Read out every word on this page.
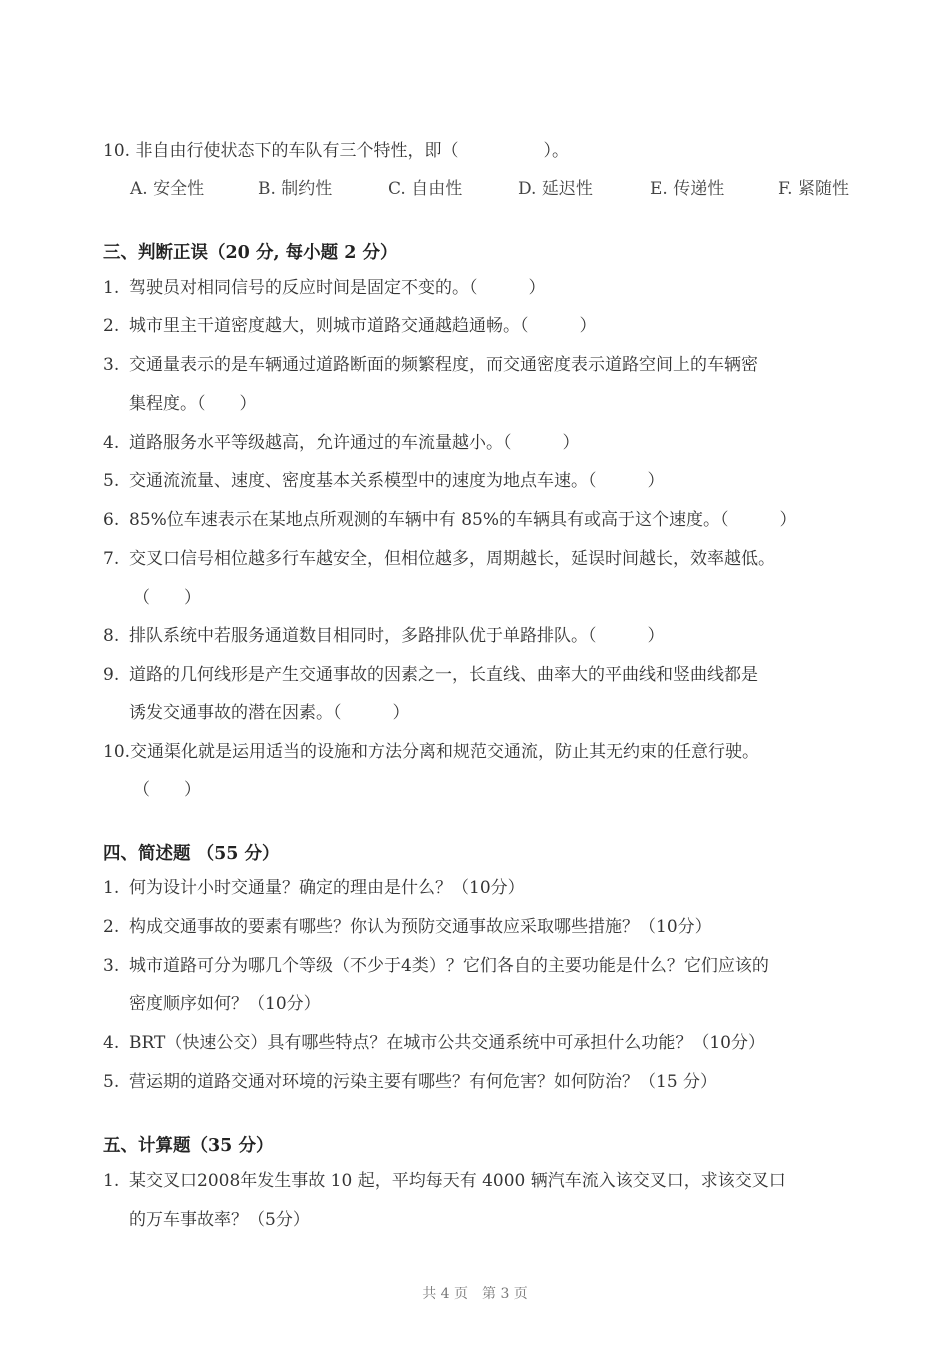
10. 非自由行使状态下的车队有三个特性，即（　　　　　）。
A. 安全性	B. 制约性	C. 自由性	D. 延迟性	E. 传递性	F. 紧随性
三、判断正误（20 分, 每小题 2 分）
1. 驾驶员对相同信号的反应时间是固定不变的。（　　　）
2. 城市里主干道密度越大，则城市道路交通越趋通畅。（　　　）
3. 交通量表示的是车辆通过道路断面的频繁程度，而交通密度表示道路空间上的车辆密
集程度。（　　）
4. 道路服务水平等级越高，允许通过的车流量越小。（　　　）
5. 交通流流量、速度、密度基本关系模型中的速度为地点车速。（　　　）
6. 85%位车速表示在某地点所观测的车辆中有 85%的车辆具有或高于这个速度。（　　　）
7. 交叉口信号相位越多行车越安全，但相位越多，周期越长，延误时间越长，效率越低。
（　　）
8. 排队系统中若服务通道数目相同时，多路排队优于单路排队。（　　　）
9. 道路的几何线形是产生交通事故的因素之一，长直线、曲率大的平曲线和竖曲线都是
诱发交通事故的潜在因素。（　　　）
10.交通渠化就是运用适当的设施和方法分离和规范交通流，防止其无约束的任意行驶。
（　　）
四、简述题 （55 分）
1. 何为设计小时交通量？确定的理由是什么？（10分）
2. 构成交通事故的要素有哪些？你认为预防交通事故应采取哪些措施？（10分）
3. 城市道路可分为哪几个等级（不少于4类）？它们各自的主要功能是什么？它们应该的
密度顺序如何？（10分）
4. BRT（快速公交）具有哪些特点？在城市公共交通系统中可承担什么功能？（10分）
5. 营运期的道路交通对环境的污染主要有哪些？有何危害？如何防治？（15 分）
五、计算题（35 分）
1. 某交叉口2008年发生事故 10 起，平均每天有 4000 辆汽车流入该交叉口，求该交叉口
的万车事故率？（5分）
共 4 页　第 3 页
